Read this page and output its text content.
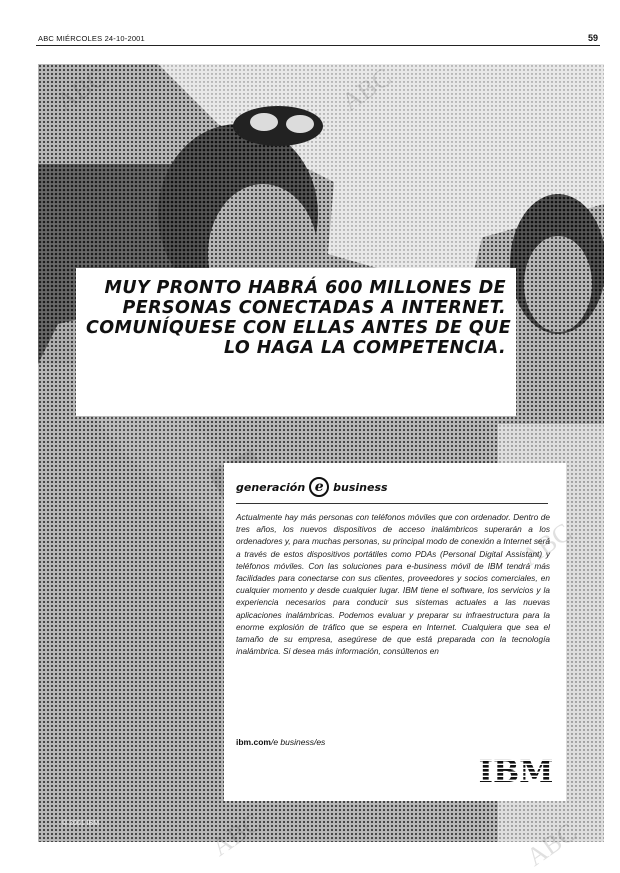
ABC MIÉRCOLES 24-10-2001	59
© 2001 IBM
MUY PRONTO HABRÁ 600 MILLONES DE
PERSONAS CONECTADAS A INTERNET.
COMUNÍQUESE CON ELLAS ANTES DE QUE
LO HAGA LA COMPETENCIA.
generación e business
Actualmente hay más personas con teléfonos móviles que con ordenador. Dentro de tres años, los nuevos dispositivos de acceso inalámbricos superarán a los ordenadores y, para muchas personas, su principal modo de conexión a Internet será a través de estos dispositivos portátiles como PDAs (Personal Digital Assistant) y teléfonos móviles. Con las soluciones para e-business móvil de IBM tendrá más facilidades para conectarse con sus clientes, proveedores y socios comerciales, en cualquier momento y desde cualquier lugar. IBM tiene el software, los servicios y la experiencia necesarios para conducir sus sistemas actuales a las nuevas aplicaciones inalámbricas. Podemos evaluar y preparar su infraestructura para la enorme explosión de tráfico que se espera en Internet. Cualquiera que sea el tamaño de su empresa, asegúrese de que está preparada con la tecnología inalámbrica. Si desea más información, consúltenos en
ibm.com/e business/es
IBM
ABC
